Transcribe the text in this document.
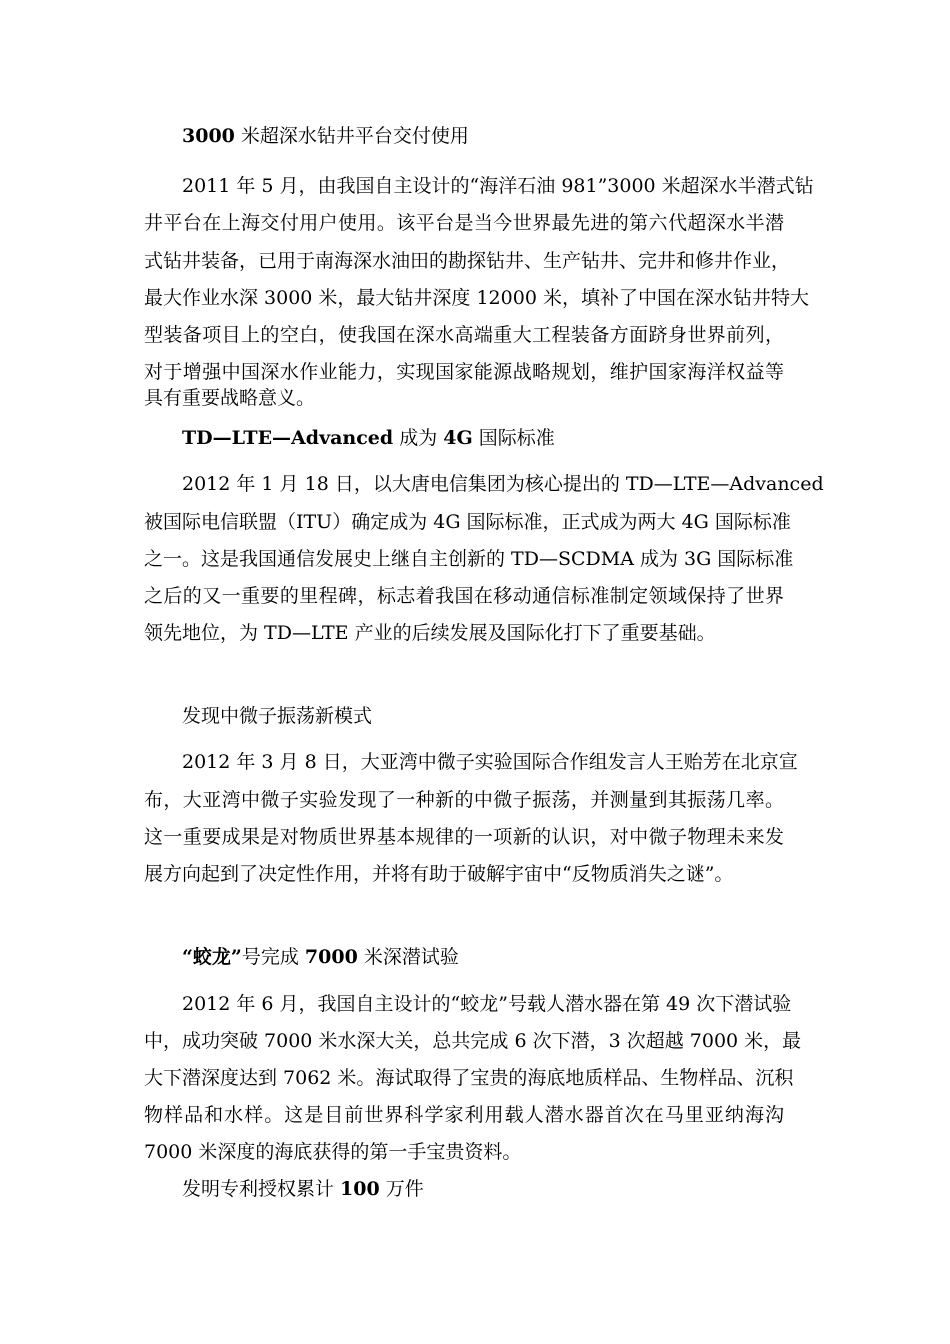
3000 米超深水钻井平台交付使用
2011 年 5 月，由我国自主设计的“海洋石油 981”3000 米超深水半潜式钻
井平台在上海交付用户使用。该平台是当今世界最先进的第六代超深水半潜
式钻井装备，已用于南海深水油田的勘探钻井、生产钻井、完井和修井作业，
最大作业水深 3000 米，最大钻井深度 12000 米，填补了中国在深水钻井特大
型装备项目上的空白，使我国在深水高端重大工程装备方面跻身世界前列，
对于增强中国深水作业能力，实现国家能源战略规划，维护国家海洋权益等
具有重要战略意义。
TD—LTE—Advanced 成为 4G 国际标准
2012 年 1 月 18 日，以大唐电信集团为核心提出的 TD—LTE—Advanced
被国际电信联盟（ITU）确定成为 4G 国际标准，正式成为两大 4G 国际标准
之一。这是我国通信发展史上继自主创新的 TD—SCDMA 成为 3G 国际标准
之后的又一重要的里程碑，标志着我国在移动通信标准制定领域保持了世界
领先地位，为 TD—LTE 产业的后续发展及国际化打下了重要基础。
发现中微子振荡新模式
2012 年 3 月 8 日，大亚湾中微子实验国际合作组发言人王贻芳在北京宣
布，大亚湾中微子实验发现了一种新的中微子振荡，并测量到其振荡几率。
这一重要成果是对物质世界基本规律的一项新的认识，对中微子物理未来发
展方向起到了决定性作用，并将有助于破解宇宙中“反物质消失之谜”。
“蛟龙”号完成 7000 米深潜试验
2012 年 6 月，我国自主设计的“蛟龙”号载人潜水器在第 49 次下潜试验
中，成功突破 7000 米水深大关，总共完成 6 次下潜，3 次超越 7000 米，最
大下潜深度达到 7062 米。海试取得了宝贵的海底地质样品、生物样品、沉积
物样品和水样。这是目前世界科学家利用载人潜水器首次在马里亚纳海沟
7000 米深度的海底获得的第一手宝贵资料。
发明专利授权累计 100 万件
